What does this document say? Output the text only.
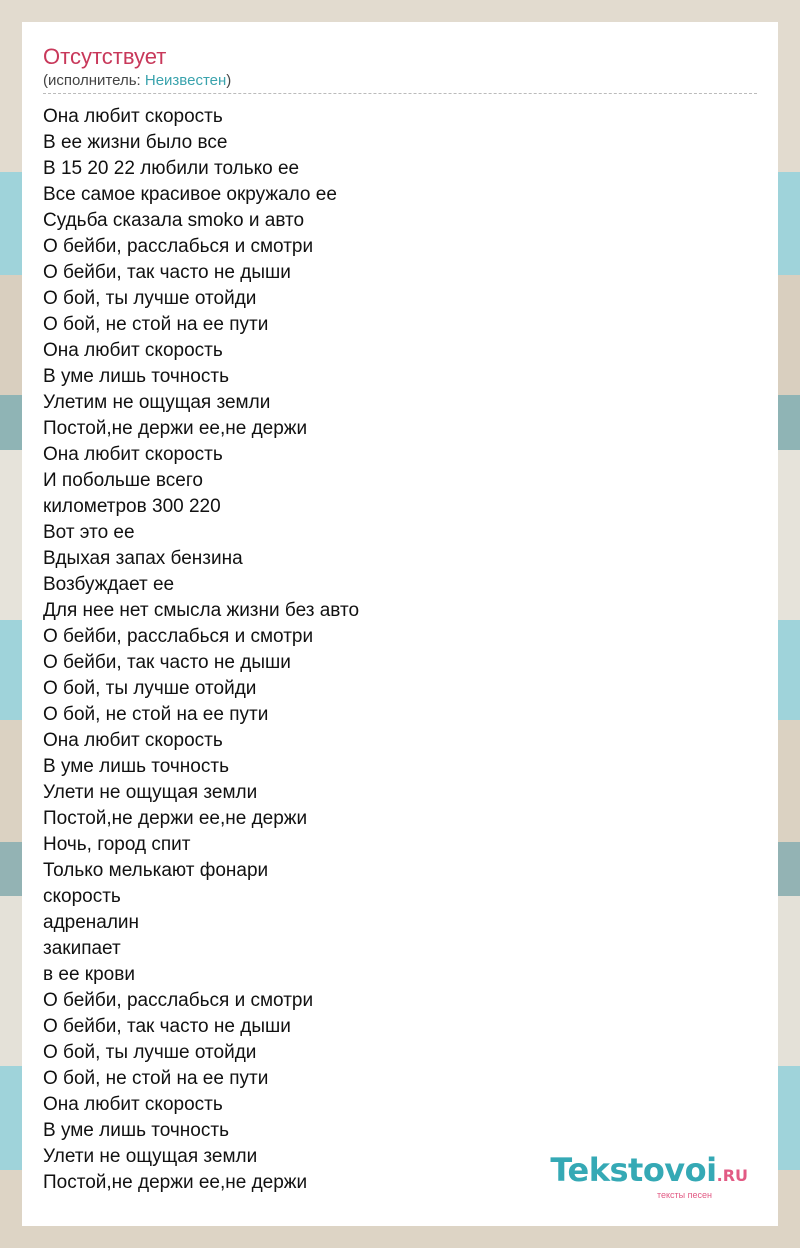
Отсутствует
(исполнитель: Неизвестен)
Она любит скорость
В ее жизни было все
В 15 20 22 любили только ее
Все самое красивое окружало ее
Судьба сказала smoko и авто
О бейби, расслабься и смотри
О бейби, так часто не дыши
О бой, ты лучше отойди
О бой, не стой на ее пути
Она любит скорость
В уме лишь точность
Улетим не ощущая земли
Постой,не держи ее,не держи
Она любит скорость
И побольше всего
километров 300 220
Вот это ее
Вдыхая запах бензина
Возбуждает ее
Для нее нет смысла жизни без авто
О бейби, расслабься и смотри
О бейби, так часто не дыши
О бой, ты лучше отойди
О бой, не стой на ее пути
Она любит скорость
В уме лишь точность
Улети не ощущая земли
Постой,не держи ее,не держи
Ночь, город спит
Только мелькают фонари
скорость
адреналин
закипает
в ее крови
О бейби, расслабься и смотри
О бейби, так часто не дыши
О бой, ты лучше отойди
О бой, не стой на ее пути
Она любит скорость
В уме лишь точность
Улети не ощущая земли
Постой,не держи ее,не держи	Tekstovoi.RU
тексты песен
